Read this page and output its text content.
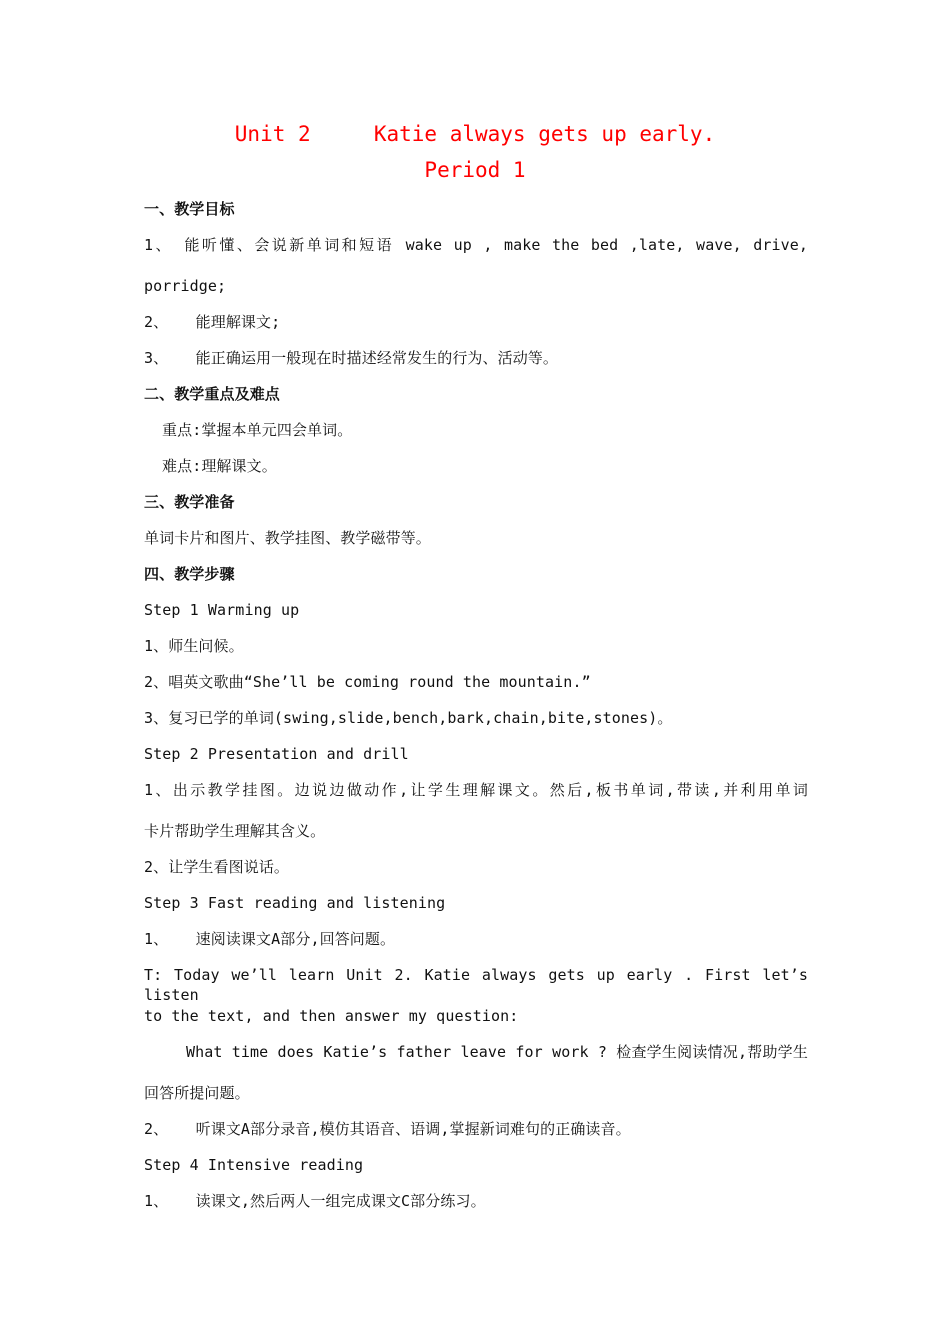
Unit 2     Katie always gets up early.
Period 1
一、教学目标
1、 能听懂、会说新单词和短语 wake up , make the bed ,late, wave, drive,
porridge;
2、   能理解课文;
3、   能正确运用一般现在时描述经常发生的行为、活动等。
二、教学重点及难点
重点:掌握本单元四会单词。
难点:理解课文。
三、教学准备
单词卡片和图片、教学挂图、教学磁带等。
四、教学步骤
Step 1 Warming up
1、师生问候。
2、唱英文歌曲“She’ll be coming round the mountain.”
3、复习已学的单词(swing,slide,bench,bark,chain,bite,stones)。
Step 2 Presentation and drill
1、出示教学挂图。边说边做动作,让学生理解课文。然后,板书单词,带读,并利用单词
卡片帮助学生理解其含义。
2、让学生看图说话。
Step 3 Fast reading and listening
1、   速阅读课文A部分,回答问题。
T: Today we’ll learn Unit 2. Katie always gets up early . First let’s listen
to the text, and then answer my question:
What time does Katie’s father leave for work ? 检查学生阅读情况,帮助学生
回答所提问题。
2、   听课文A部分录音,模仿其语音、语调,掌握新词难句的正确读音。
Step 4 Intensive reading
1、   读课文,然后两人一组完成课文C部分练习。
